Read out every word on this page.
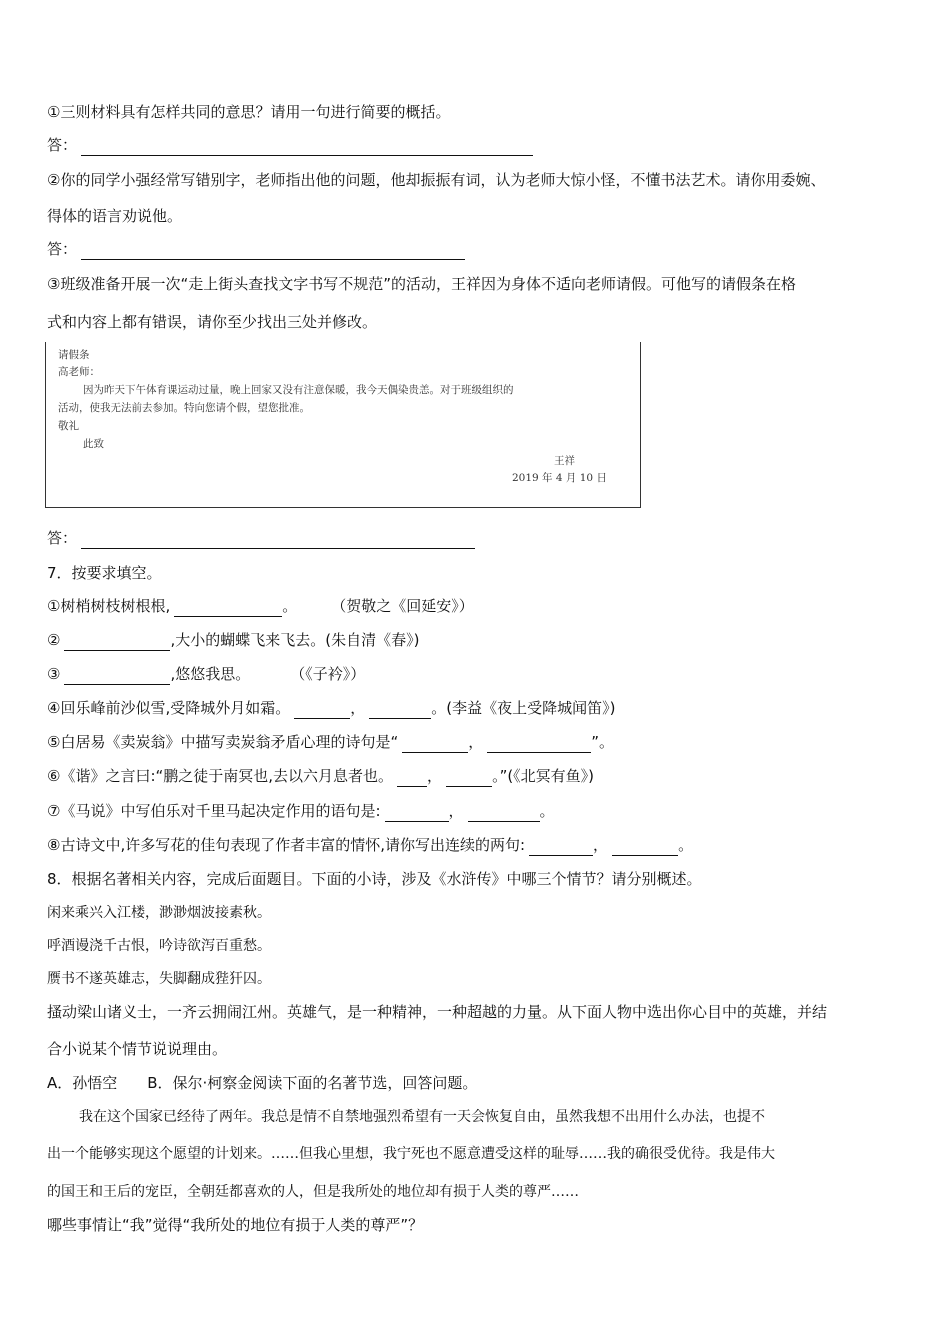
①三则材料具有怎样共同的意思？请用一句进行简要的概括。
答：
②你的同学小强经常写错别字，老师指出他的问题，他却振振有词，认为老师大惊小怪，不懂书法艺术。请你用委婉、
得体的语言劝说他。
答：
③班级准备开展一次“走上街头查找文字书写不规范”的活动，王祥因为身体不适向老师请假。可他写的请假条在格
式和内容上都有错误，请你至少找出三处并修改。
请假条
高老师：
因为昨天下午体育课运动过量，晚上回家又没有注意保暖，我今天偶染贵恙。对于班级组织的
活动，使我无法前去参加。特向您请个假，望您批准。
敬礼
此致
王祥
2019 年 4 月 10 日
答：
7．按要求填空。
①树梢树枝树根根,	。 （贺敬之《回延安》）
②	,大小的蝴蝶飞来飞去。(朱自清《春》)
③	,悠悠我思。	（《子衿》）
④回乐峰前沙似雪,受降城外月如霜。	，	。(李益《夜上受降城闻笛》)
⑤白居易《卖炭翁》中描写卖炭翁矛盾心理的诗句是“	，	”。
⑥《谐》之言曰:“鹏之徒于南冥也,去以六月息者也。 ，	。”(《北冥有鱼》)
⑦《马说》中写伯乐对千里马起决定作用的语句是:	，	。
⑧古诗文中,许多写花的佳句表现了作者丰富的情怀,请你写出连续的两句:	，	。
8．根据名著相关内容，完成后面题目。下面的小诗，涉及《水浒传》中哪三个情节？请分别概述。
闲来乘兴入江楼，渺渺烟波接素秋。
呼酒谩浇千古恨，吟诗欲泻百重愁。
赝书不遂英雄志，失脚翻成狴犴囚。
搔动梁山诸义士，一齐云拥闹江州。英雄气，是一种精神，一种超越的力量。从下面人物中选出你心目中的英雄，并结
合小说某个情节说说理由。
A．孙悟空　　B．保尔·柯察金阅读下面的名著节选，回答问题。
我在这个国家已经待了两年。我总是情不自禁地强烈希望有一天会恢复自由，虽然我想不出用什么办法，也提不
出一个能够实现这个愿望的计划来。……但我心里想，我宁死也不愿意遭受这样的耻辱……我的确很受优待。我是伟大
的国王和王后的宠臣，全朝廷都喜欢的人，但是我所处的地位却有损于人类的尊严……
哪些事情让“我”觉得“我所处的地位有损于人类的尊严”？
